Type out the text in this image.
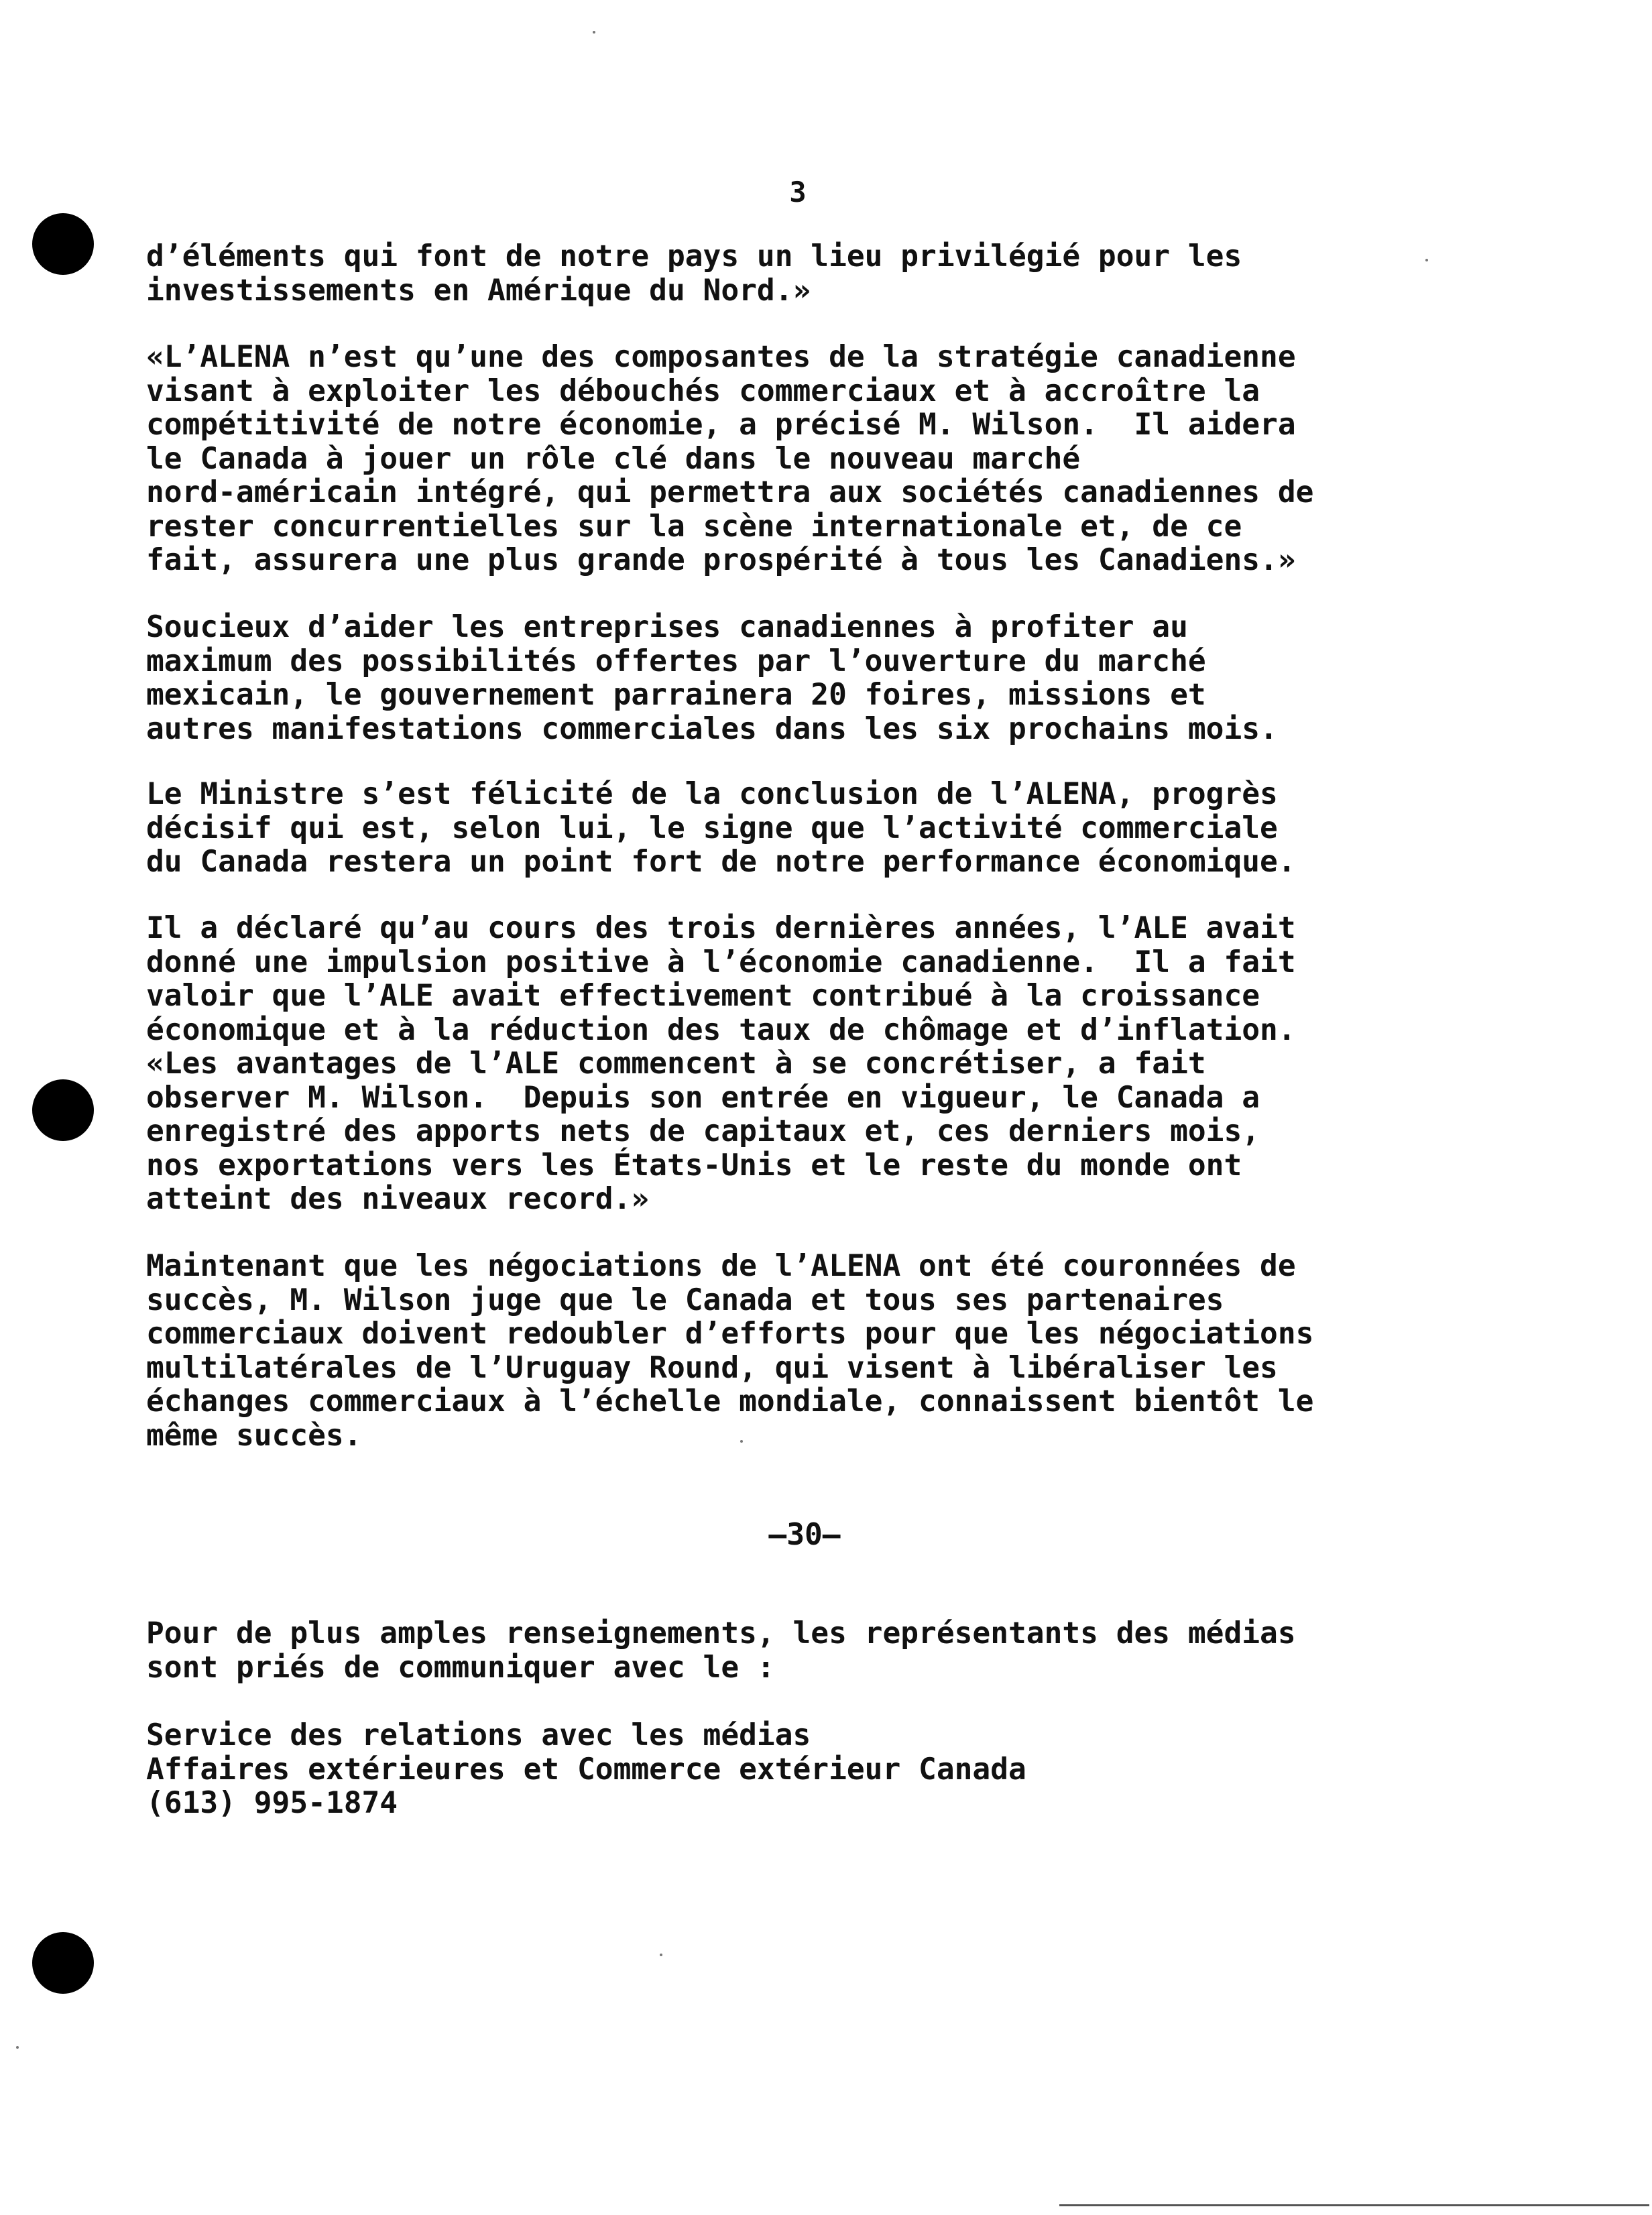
3
d’éléments qui font de notre pays un lieu privilégié pour les
investissements en Amérique du Nord.»
«L’ALENA n’est qu’une des composantes de la stratégie canadienne
visant à exploiter les débouchés commerciaux et à accroître la
compétitivité de notre économie, a précisé M. Wilson.  Il aidera
le Canada à jouer un rôle clé dans le nouveau marché
nord-américain intégré, qui permettra aux sociétés canadiennes de
rester concurrentielles sur la scène internationale et, de ce
fait, assurera une plus grande prospérité à tous les Canadiens.»
Soucieux d’aider les entreprises canadiennes à profiter au
maximum des possibilités offertes par l’ouverture du marché
mexicain, le gouvernement parrainera 20 foires, missions et
autres manifestations commerciales dans les six prochains mois.
Le Ministre s’est félicité de la conclusion de l’ALENA, progrès
décisif qui est, selon lui, le signe que l’activité commerciale
du Canada restera un point fort de notre performance économique.
Il a déclaré qu’au cours des trois dernières années, l’ALE avait
donné une impulsion positive à l’économie canadienne.  Il a fait
valoir que l’ALE avait effectivement contribué à la croissance
économique et à la réduction des taux de chômage et d’inflation.
«Les avantages de l’ALE commencent à se concrétiser, a fait
observer M. Wilson.  Depuis son entrée en vigueur, le Canada a
enregistré des apports nets de capitaux et, ces derniers mois,
nos exportations vers les États-Unis et le reste du monde ont
atteint des niveaux record.»
Maintenant que les négociations de l’ALENA ont été couronnées de
succès, M. Wilson juge que le Canada et tous ses partenaires
commerciaux doivent redoubler d’efforts pour que les négociations
multilatérales de l’Uruguay Round, qui visent à libéraliser les
échanges commerciaux à l’échelle mondiale, connaissent bientôt le
même succès.
—30—
Pour de plus amples renseignements, les représentants des médias
sont priés de communiquer avec le :
Service des relations avec les médias
Affaires extérieures et Commerce extérieur Canada
(613) 995-1874
